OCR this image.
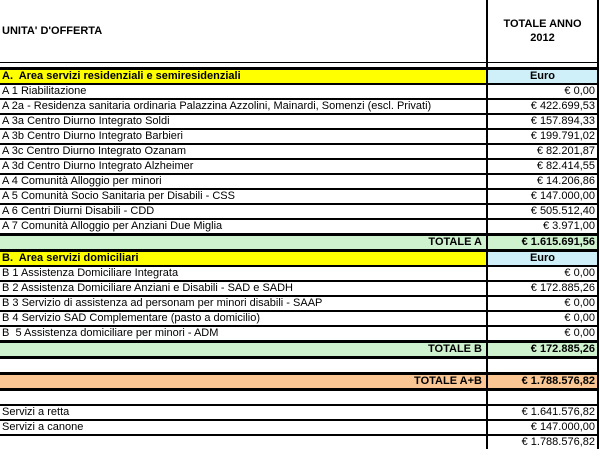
UNITA' D'OFFERTA	TOTALE ANNO 2012

A.  Area servizi residenziali e semiresidenziali	Euro
A 1 Riabilitazione	€ 0,00
A 2a - Residenza sanitaria ordinaria Palazzina Azzolini, Mainardi, Somenzi (escl. Privati)	€ 422.699,53
A 3a Centro Diurno Integrato Soldi	€ 157.894,33
A 3b Centro Diurno Integrato Barbieri	€ 199.791,02
A 3c Centro Diurno Integrato Ozanam	€ 82.201,87
A 3d Centro Diurno Integrato Alzheimer	€ 82.414,55
A 4 Comunità Alloggio per minori	€ 14.206,86
A 5 Comunità Socio Sanitaria per Disabili - CSS	€ 147.000,00
A 6 Centri Diurni Disabili - CDD	€ 505.512,40
A 7 Comunità Alloggio per Anziani Due Miglia	€ 3.971,00
TOTALE A	€ 1.615.691,56
B.  Area servizi domiciliari	Euro
B 1 Assistenza Domiciliare Integrata	€ 0,00
B 2 Assistenza Domiciliare Anziani e Disabili - SAD e SADH	€ 172.885,26
B 3 Servizio di assistenza ad personam per minori disabili - SAAP	€ 0,00
B 4 Servizio SAD Complementare (pasto a domicilio)	€ 0,00
B  5 Assistenza domiciliare per minori - ADM	€ 0,00
TOTALE B	€ 172.885,26

TOTALE A+B	€ 1.788.576,82

Servizi a retta	€ 1.641.576,82
Servizi a canone	€ 147.000,00
	€ 1.788.576,82
